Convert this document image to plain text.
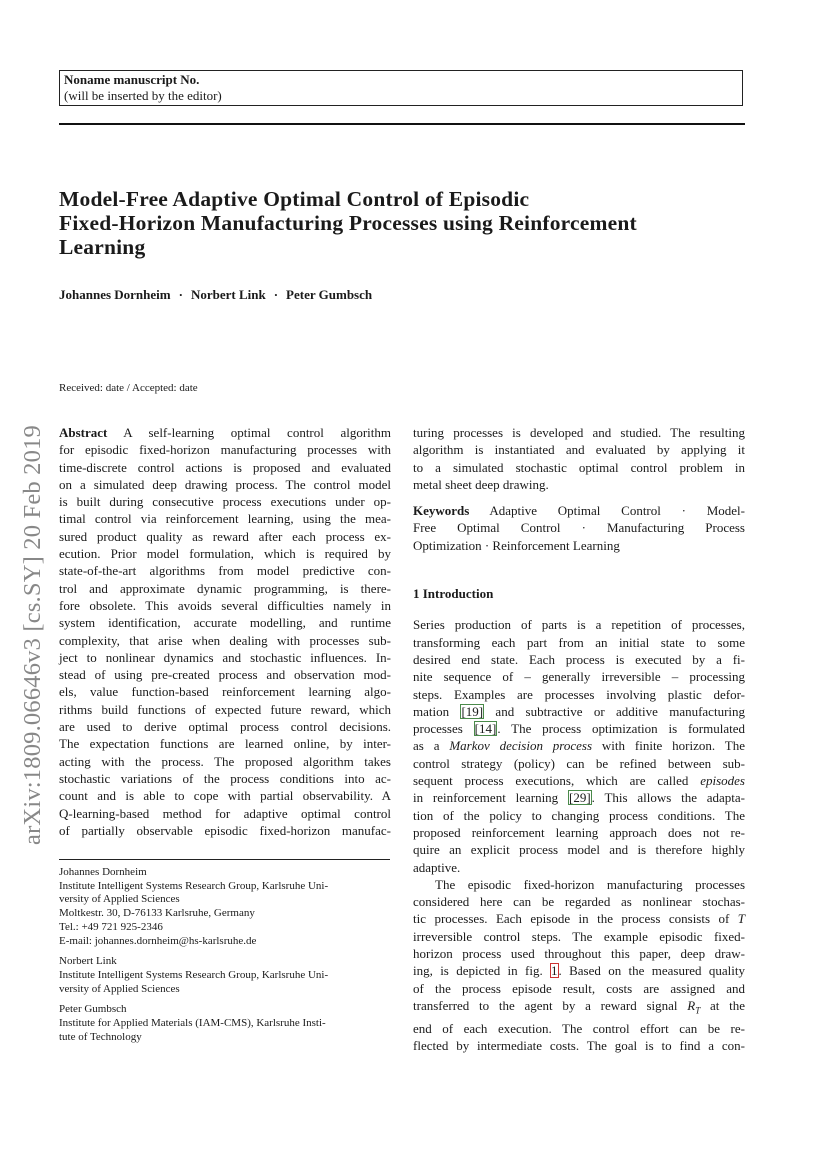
Noname manuscript No.
(will be inserted by the editor)
Model-Free Adaptive Optimal Control of Episodic
Fixed-Horizon Manufacturing Processes using Reinforcement
Learning
Johannes Dornheim · Norbert Link · Peter Gumbsch
arXiv:1809.06646v3 [cs.SY] 20 Feb 2019
Received: date / Accepted: date
Abstract A self-learning optimal control algorithm
for episodic fixed-horizon manufacturing processes with
time-discrete control actions is proposed and evaluated
on a simulated deep drawing process. The control model
is built during consecutive process executions under op-
timal control via reinforcement learning, using the mea-
sured product quality as reward after each process ex-
ecution. Prior model formulation, which is required by
state-of-the-art algorithms from model predictive con-
trol and approximate dynamic programming, is there-
fore obsolete. This avoids several difficulties namely in
system identification, accurate modelling, and runtime
complexity, that arise when dealing with processes sub-
ject to nonlinear dynamics and stochastic influences. In-
stead of using pre-created process and observation mod-
els, value function-based reinforcement learning algo-
rithms build functions of expected future reward, which
are used to derive optimal process control decisions.
The expectation functions are learned online, by inter-
acting with the process. The proposed algorithm takes
stochastic variations of the process conditions into ac-
count and is able to cope with partial observability. A
Q-learning-based method for adaptive optimal control
of partially observable episodic fixed-horizon manufac-
Johannes Dornheim
Institute Intelligent Systems Research Group, Karlsruhe Uni-
versity of Applied Sciences
Moltkestr. 30, D-76133 Karlsruhe, Germany
Tel.: +49 721 925-2346
E-mail: johannes.dornheim@hs-karlsruhe.de
Norbert Link
Institute Intelligent Systems Research Group, Karlsruhe Uni-
versity of Applied Sciences
Peter Gumbsch
Institute for Applied Materials (IAM-CMS), Karlsruhe Insti-
tute of Technology
turing processes is developed and studied. The resulting
algorithm is instantiated and evaluated by applying it
to a simulated stochastic optimal control problem in
metal sheet deep drawing.
Keywords Adaptive Optimal Control · Model-
Free Optimal Control · Manufacturing Process
Optimization · Reinforcement Learning
1 Introduction
Series production of parts is a repetition of processes,
transforming each part from an initial state to some
desired end state. Each process is executed by a fi-
nite sequence of – generally irreversible – processing
steps. Examples are processes involving plastic defor-
mation [19] and subtractive or additive manufacturing
processes [14]. The process optimization is formulated
as a Markov decision process with finite horizon. The
control strategy (policy) can be refined between sub-
sequent process executions, which are called episodes
in reinforcement learning [29]. This allows the adapta-
tion of the policy to changing process conditions. The
proposed reinforcement learning approach does not re-
quire an explicit process model and is therefore highly
adaptive.
The episodic fixed-horizon manufacturing processes
considered here can be regarded as nonlinear stochas-
tic processes. Each episode in the process consists of T
irreversible control steps. The example episodic fixed-
horizon process used throughout this paper, deep draw-
ing, is depicted in fig. 1. Based on the measured quality
of the process episode result, costs are assigned and
transferred to the agent by a reward signal $R_T$ at the
end of each execution. The control effort can be re-
flected by intermediate costs. The goal is to find a con-
